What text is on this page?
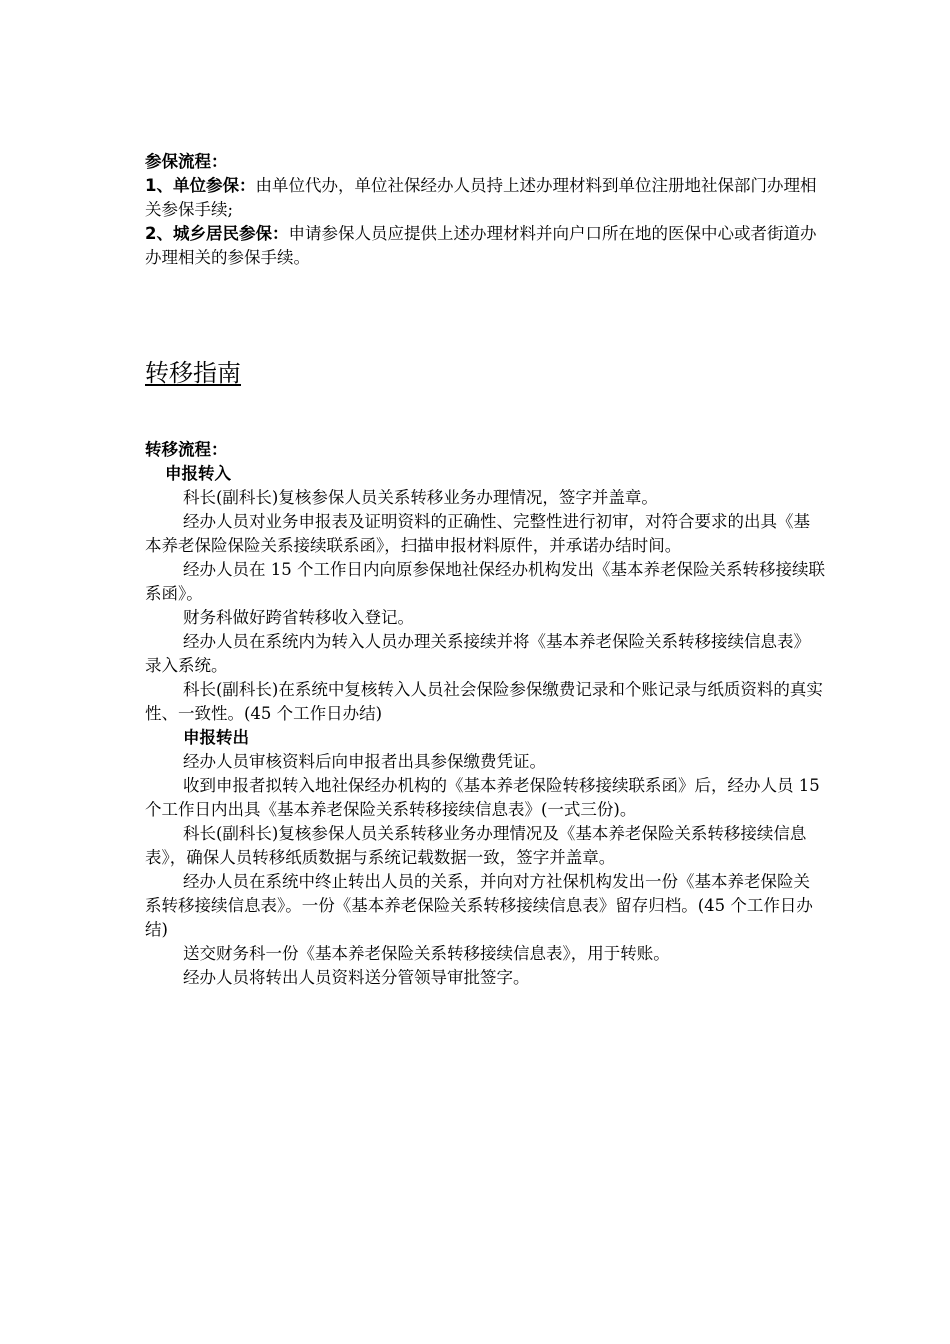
参保流程：

1、单位参保：由单位代办，单位社保经办人员持上述办理材料到单位注册地社保部门办理相关参保手续;

2、城乡居民参保：申请参保人员应提供上述办理材料并向户口所在地的医保中心或者街道办办理相关的参保手续。

转移指南

转移流程：

申报转入

科长(副科长)复核参保人员关系转移业务办理情况，签字并盖章。

经办人员对业务申报表及证明资料的正确性、完整性进行初审，对符合要求的出具《基本养老保险保险关系接续联系函》，扫描申报材料原件，并承诺办结时间。

经办人员在 15 个工作日内向原参保地社保经办机构发出《基本养老保险关系转移接续联系函》。

财务科做好跨省转移收入登记。

经办人员在系统内为转入人员办理关系接续并将《基本养老保险关系转移接续信息表》录入系统。

科长(副科长)在系统中复核转入人员社会保险参保缴费记录和个账记录与纸质资料的真实性、一致性。(45 个工作日办结)

申报转出

经办人员审核资料后向申报者出具参保缴费凭证。

收到申报者拟转入地社保经办机构的《基本养老保险转移接续联系函》后，经办人员 15 个工作日内出具《基本养老保险关系转移接续信息表》(一式三份)。

科长(副科长)复核参保人员关系转移业务办理情况及《基本养老保险关系转移接续信息表》，确保人员转移纸质数据与系统记载数据一致，签字并盖章。

经办人员在系统中终止转出人员的关系，并向对方社保机构发出一份《基本养老保险关系转移接续信息表》。一份《基本养老保险关系转移接续信息表》留存归档。(45 个工作日办结)

送交财务科一份《基本养老保险关系转移接续信息表》，用于转账。

经办人员将转出人员资料送分管领导审批签字。
